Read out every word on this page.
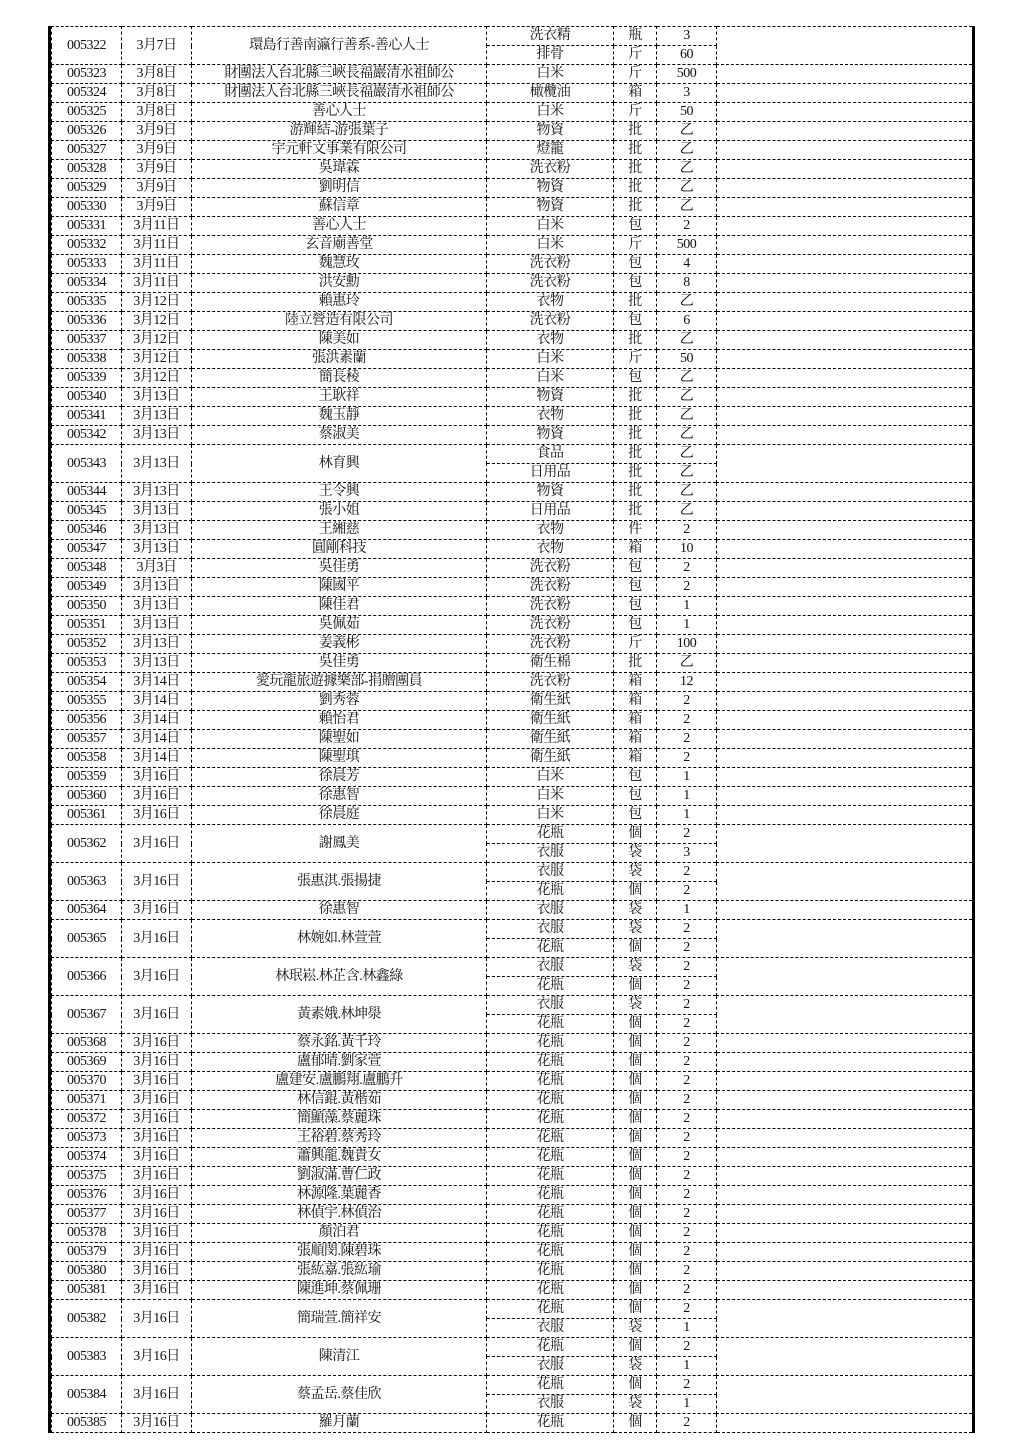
005322	3月7日	環島行善南瀛行善系-善心人士	洗衣精	瓶	3	
			排骨	斤	60	
005323	3月8日	財團法人台北縣三峽長福巖清水祖師公	白米	斤	500	
005324	3月8日	財團法人台北縣三峽長福巖清水祖師公	橄欖油	箱	3	
005325	3月8日	善心人士	白米	斤	50	
005326	3月9日	游輝結-游張葉子	物資	批	乙	
005327	3月9日	宇元軒文事業有限公司	燈籠	批	乙	
005328	3月9日	吳瑋霖	洗衣粉	批	乙	
005329	3月9日	劉明信	物資	批	乙	
005330	3月9日	蘇信章	物資	批	乙	
005331	3月11日	善心人士	白米	包	2	
005332	3月11日	玄音廟善堂	白米	斤	500	
005333	3月11日	魏慧玫	洗衣粉	包	4	
005334	3月11日	洪安勳	洗衣粉	包	8	
005335	3月12日	賴惠玲	衣物	批	乙	
005336	3月12日	陸立營造有限公司	洗衣粉	包	6	
005337	3月12日	陳美如	衣物	批	乙	
005338	3月12日	張洪素蘭	白米	斤	50	
005339	3月12日	簡長稜	白米	包	乙	
005340	3月13日	王耿祥	物資	批	乙	
005341	3月13日	魏玉靜	衣物	批	乙	
005342	3月13日	蔡淑美	物資	批	乙	
005343	3月13日	林育興	食品	批	乙	
			日用品	批	乙	
005344	3月13日	王令興	物資	批	乙	
005345	3月13日	張小姐	日用品	批	乙	
005346	3月13日	王緗慈	衣物	件	2	
005347	3月13日	圓剛科技	衣物	箱	10	
005348	3月3日	吳佳勇	洗衣粉	包	2	
005349	3月13日	陳國平	洗衣粉	包	2	
005350	3月13日	陳佳君	洗衣粉	包	1	
005351	3月13日	吳佩茹	洗衣粉	包	1	
005352	3月13日	姜義彬	洗衣粉	斤	100	
005353	3月13日	吳佳勇	衛生棉	批	乙	
005354	3月14日	愛玩龍旅遊據樂部-捐贈團員	洗衣粉	箱	12	
005355	3月14日	劉秀蓉	衛生紙	箱	2	
005356	3月14日	賴怡君	衛生紙	箱	2	
005357	3月14日	陳聖如	衛生紙	箱	2	
005358	3月14日	陳聖琪	衛生紙	箱	2	
005359	3月16日	徐晨芳	白米	包	1	
005360	3月16日	徐惠智	白米	包	1	
005361	3月16日	徐晨庭	白米	包	1	
005362	3月16日	謝鳳美	花瓶	個	2	
			衣服	袋	3	
005363	3月16日	張惠淇.張揚捷	衣服	袋	2	
			花瓶	個	2	
005364	3月16日	徐惠智	衣服	袋	1	
005365	3月16日	林婉如.林萱萱	衣服	袋	2	
			花瓶	個	2	
005366	3月16日	林珉崧.林芷含.林鑫綠	衣服	袋	2	
			花瓶	個	2	
005367	3月16日	黃素娥.林坤澩	衣服	袋	2	
			花瓶	個	2	
005368	3月16日	蔡永銘.黃千玲	花瓶	個	2	
005369	3月16日	盧郁晴.劉家萱	花瓶	個	2	
005370	3月16日	盧建安.盧鵬翔.盧鵬升	花瓶	個	2	
005371	3月16日	林信錕.黃楷茹	花瓶	個	2	
005372	3月16日	簡顯藻.蔡麗珠	花瓶	個	2	
005373	3月16日	王裕碧.蔡秀玲	花瓶	個	2	
005374	3月16日	蕭興龍.魏貴女	花瓶	個	2	
005375	3月16日	劉淑滿.曹仁政	花瓶	個	2	
005376	3月16日	林源隆.葉麗香	花瓶	個	2	
005377	3月16日	林偵宇.林偵治	花瓶	個	2	
005378	3月16日	顏泊君	花瓶	個	2	
005379	3月16日	張順閔.陳碧珠	花瓶	個	2	
005380	3月16日	張紘嘉.張紘瑜	花瓶	個	2	
005381	3月16日	陳進坤.蔡佩珊	花瓶	個	2	
005382	3月16日	簡瑞萱.簡祥安	花瓶	個	2	
			衣服	袋	1	
005383	3月16日	陳清江	花瓶	個	2	
			衣服	袋	1	
005384	3月16日	蔡孟岳.蔡佳欣	花瓶	個	2	
			衣服	袋	1	
005385	3月16日	羅月蘭	花瓶	個	2	
